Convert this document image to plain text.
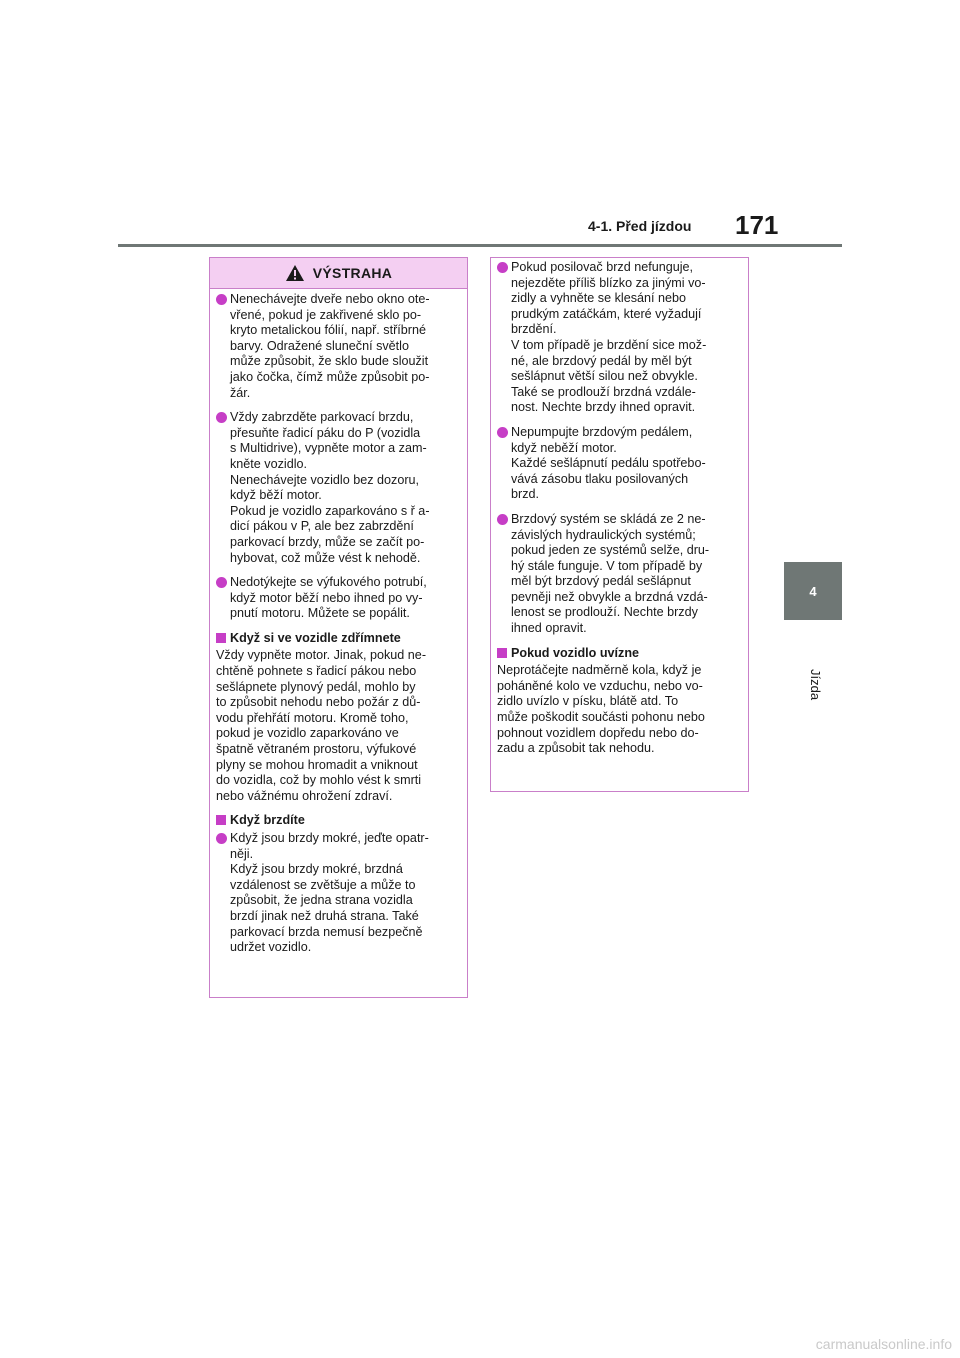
4-1. Před jízdou 171
4
Jízda
VÝSTRAHA

Nenechávejte dveře nebo okno ote-

vřené, pokud je zakřivené sklo po-

kryto metalickou fólií, např. stříbrné

barvy. Odražené sluneční světlo

může způsobit, že sklo bude sloužit

jako čočka, čímž může způsobit po-

žár.

Vždy zabrzděte parkovací brzdu,

přesuňte řadicí páku do P (vozidla

s Multidrive), vypněte motor a zam-

kněte vozidlo.

Nenechávejte vozidlo bez dozoru,

když běží motor.

Pokud je vozidlo zaparkováno s ř a-

dicí pákou v P, ale bez zabrzdění

parkovací brzdy, může se začít po-

hybovat, což může vést k nehodě.

Nedotýkejte se výfukového potrubí,

když motor běží nebo ihned po vy-

pnutí motoru. Můžete se popálit.

Když si ve vozidle zdřímnete

Vždy vypněte motor. Jinak, pokud ne-

chtěně pohnete s řadicí pákou nebo

sešlápnete plynový pedál, mohlo by

to způsobit nehodu nebo požár z dů-

vodu přehřátí motoru. Kromě toho,

pokud je vozidlo zaparkováno ve

špatně větraném prostoru, výfukové

plyny se mohou hromadit a vniknout

do vozidla, což by mohlo vést k smrti

nebo vážnému ohrožení zdraví.

Když brzdíte

Když jsou brzdy mokré, jeďte opatr-

něji.

Když jsou brzdy mokré, brzdná

vzdálenost se zvětšuje a může to

způsobit, že jedna strana vozidla

brzdí jinak než druhá strana. Také

parkovací brzda nemusí bezpečně

udržet vozidlo.

Pokud posilovač brzd nefunguje,

nejezděte příliš blízko za jinými vo-

zidly a vyhněte se klesání nebo

prudkým zatáčkám, které vyžadují

brzdění.

V tom případě je brzdění sice mož-

né, ale brzdový pedál by měl být

sešlápnut větší silou než obvykle.

Také se prodlouží brzdná vzdále-

nost. Nechte brzdy ihned opravit.

Nepumpujte brzdovým pedálem,

když neběží motor.

Každé sešlápnutí pedálu spotřebo-

vává zásobu tlaku posilovaných

brzd.

Brzdový systém se skládá ze 2 ne-

závislých hydraulických systémů;

pokud jeden ze systémů selže, dru-

hý stále funguje. V tom případě by

měl být brzdový pedál sešlápnut

pevněji než obvykle a brzdná vzdá-

lenost se prodlouží. Nechte brzdy

ihned opravit.

Pokud vozidlo uvízne

Neprotáčejte nadměrně kola, když je

poháněné kolo ve vzduchu, nebo vo-

zidlo uvízlo v písku, blátě atd. To

může poškodit součásti pohonu nebo

pohnout vozidlem dopředu nebo do-

zadu a způsobit tak nehodu.

carmanualsonline.info
